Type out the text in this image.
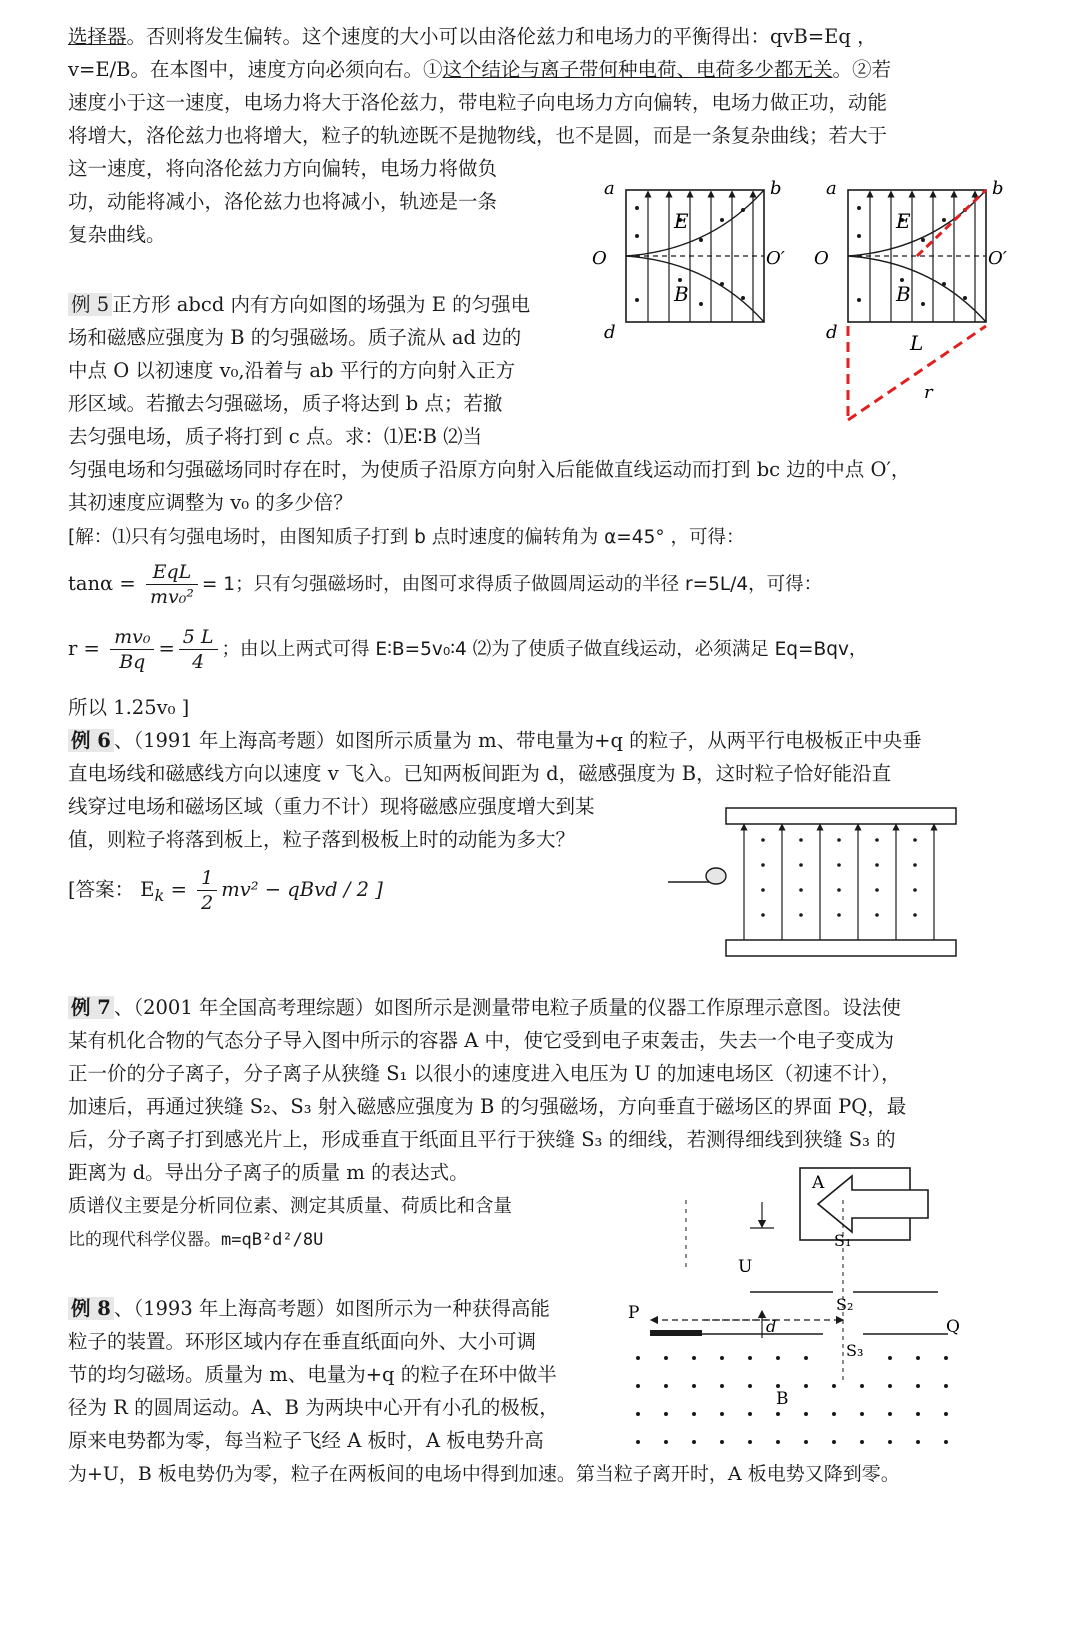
选择器。否则将发生偏转。这个速度的大小可以由洛伦兹力和电场力的平衡得出：qvB=Eq ，
v=E/B。在本图中，速度方向必须向右。①这个结论与离子带何种电荷、电荷多少都无关。②若
速度小于这一速度，电场力将大于洛伦兹力，带电粒子向电场力方向偏转，电场力做正功，动能
将增大，洛伦兹力也将增大，粒子的轨迹既不是抛物线，也不是圆，而是一条复杂曲线；若大于
这一速度，将向洛伦兹力方向偏转，电场力将做负
功，动能将减小，洛伦兹力也将减小，轨迹是一条
复杂曲线。
a	b
O	O′
E
B
d
a	b
O	O′
E
B
d	L
r
例 5 正方形 abcd 内有方向如图的场强为 E 的匀强电
场和磁感应强度为 B 的匀强磁场。质子流从 ad 边的
中点 O 以初速度 v₀,沿着与 ab 平行的方向射入正方
形区域。若撤去匀强磁场，质子将达到 b 点；若撤
去匀强电场，质子将打到 c 点。求：⑴E∶B ⑵当
匀强电场和匀强磁场同时存在时，为使质子沿原方向射入后能做直线运动而打到 bc 边的中点 O′，
其初速度应调整为 v₀ 的多少倍？
[解：⑴只有匀强电场时，由图知质子打到 b 点时速度的偏转角为 α=45° ，可得：
$\tan\alpha = \frac{\text{EqL}}{\text{mv₀²}} = 1$；只有匀强磁场时，由图可求得质子做圆周运动的半径 r=5L/4，可得：
$r = \frac{\text{mv₀}}{Bq} = \frac{5 L}{4}$ ；由以上两式可得 E∶B=5v₀∶4 ⑵为了使质子做直线运动，必须满足 Eq=Bqv，
所以 1.25v₀ ]
例 6 、（1991 年上海高考题）如图所示质量为 m、带电量为+q 的粒子，从两平行电极板正中央垂
直电场线和磁感线方向以速度 v 飞入。已知两板间距为 d，磁感强度为 B，这时粒子恰好能沿直
线穿过电场和磁场区域（重力不计）现将磁感应强度增大到某
值，则粒子将落到板上，粒子落到极板上时的动能为多大？
[答案： $E_k = \frac{1}{2} mv^2$ − qBvd / 2 ]
例 7 、（2001 年全国高考理综题）如图所示是测量带电粒子质量的仪器工作原理示意图。设法使
某有机化合物的气态分子导入图中所示的容器 A 中，使它受到电子束轰击，失去一个电子变成为
正一价的分子离子，分子离子从狭缝 S₁ 以很小的速度进入电压为 U 的加速电场区（初速不计），
加速后，再通过狭缝 S₂、S₃ 射入磁感应强度为 B 的匀强磁场，方向垂直于磁场区的界面 PQ，最
后，分子离子打到感光片上，形成垂直于纸面且平行于狭缝 S₃ 的细线，若测得细线到狭缝 S₃ 的
距离为 d。导出分子离子的质量 m 的表达式。
质谱仪主要是分析同位素、测定其质量、荷质比和含量
比的现代科学仪器。m=qB²d²/8U
A
S₁
U
S₂
P
Q
S₃
d
B
例 8 、（1993 年上海高考题）如图所示为一种获得高能
粒子的装置。环形区域内存在垂直纸面向外、大小可调
节的均匀磁场。质量为 m、电量为+q 的粒子在环中做半
径为 R 的圆周运动。A、B 为两块中心开有小孔的极板，
原来电势都为零，每当粒子飞经 A 板时，A 板电势升高
为+U，B 板电势仍为零，粒子在两板间的电场中得到加速。第当粒子离开时，A 板电势又降到零。
